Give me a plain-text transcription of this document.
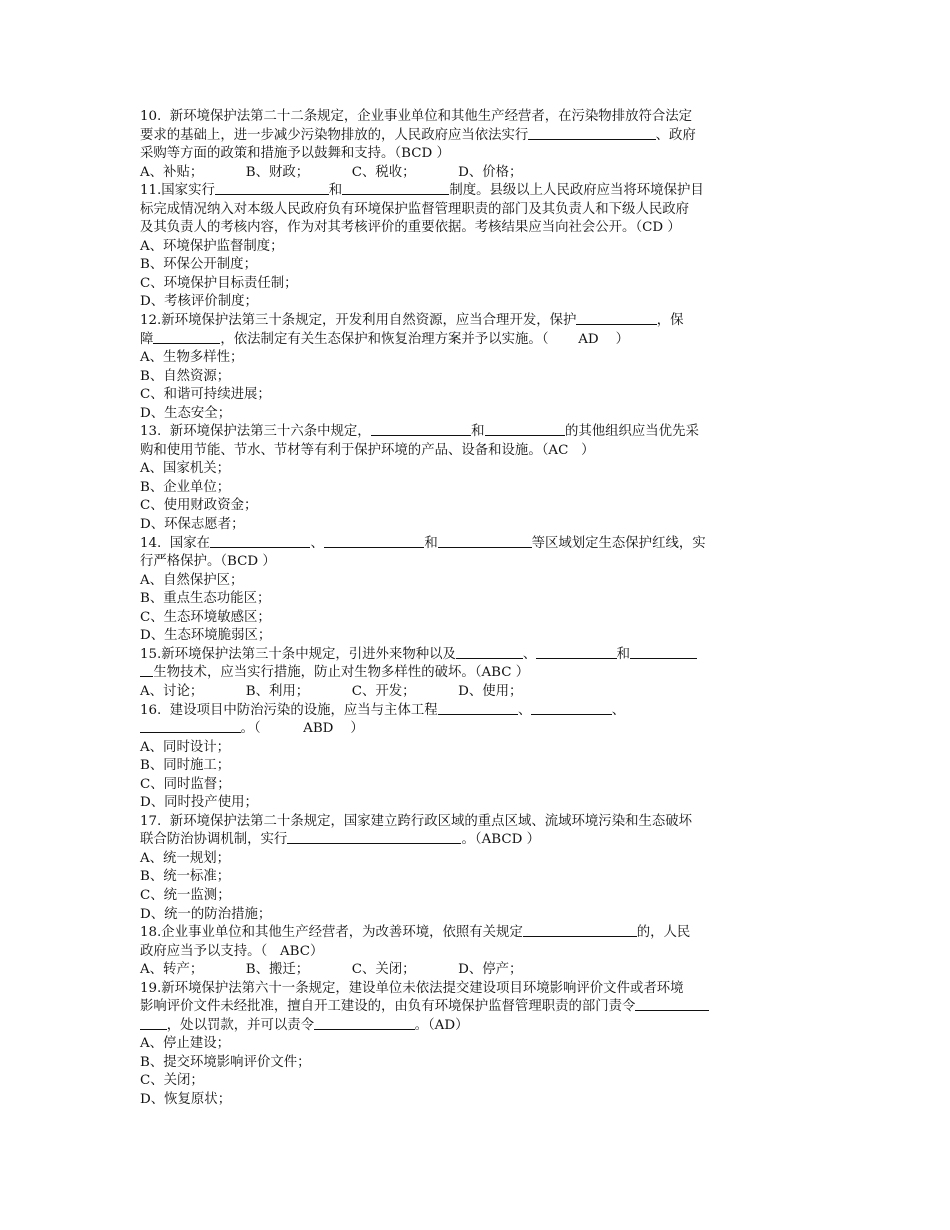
10.  新环境保护法第二十二条规定，企业事业单位和其他生产经营者，在污染物排放符合法定
要求的基础上，进一步减少污染物排放的，人民政府应当依法实行	、政府
采购等方面的政策和措施予以鼓舞和支持。（BCD ）
A、补贴；          B、财政；          C、税收；          D、价格；
11.国家实行	和	制度。县级以上人民政府应当将环境保护目
标完成情况纳入对本级人民政府负有环境保护监督管理职责的部门及其负责人和下级人民政府
及其负责人的考核内容，作为对其考核评价的重要依据。考核结果应当向社会公开。（CD ）
A、环境保护监督制度；
B、环保公开制度；
C、环境保护目标责任制；
D、考核评价制度；
12.新环境保护法第三十条规定，开发利用自然资源，应当合理开发，保护	，保
障	，依法制定有关生态保护和恢复治理方案并予以实施。（       AD    ）
A、生物多样性；
B、自然资源；
C、和谐可持续进展；
D、生态安全；
13.  新环境保护法第三十六条中规定，	和	的其他组织应当优先采
购和使用节能、节水、节材等有利于保护环境的产品、设备和设施。（AC   ）
A、国家机关；
B、企业单位；
C、使用财政资金；
D、环保志愿者；
14.  国家在	、	和	等区域划定生态保护红线，实
行严格保护。（BCD ）
A、自然保护区；
B、重点生态功能区；
C、生态环境敏感区；
D、生态环境脆弱区；
15.新环境保护法第三十条中规定，引进外来物种以及	、	和
生物技术，应当实行措施，防止对生物多样性的破坏。（ABC ）
A、讨论；          B、利用；          C、开发；          D、使用；
16.  建设项目中防治污染的设施，应当与主体工程	、	、
。（          ABD    ）
A、同时设计；
B、同时施工；
C、同时监督；
D、同时投产使用；
17.  新环境保护法第二十条规定，国家建立跨行政区域的重点区域、流域环境污染和生态破坏
联合防治协调机制，实行	。（ABCD ）
A、统一规划；
B、统一标准；
C、统一监测；
D、统一的防治措施；
18.企业事业单位和其他生产经营者，为改善环境，依照有关规定	的，人民
政府应当予以支持。（   ABC）
A、转产；          B、搬迁；          C、关闭；          D、停产；
19.新环境保护法第六十一条规定，建设单位未依法提交建设项目环境影响评价文件或者环境
影响评价文件未经批准，擅自开工建设的，由负有环境保护监督管理职责的部门责令
，处以罚款，并可以责令	。（AD）
A、停止建设；
B、提交环境影响评价文件；
C、关闭；
D、恢复原状；
